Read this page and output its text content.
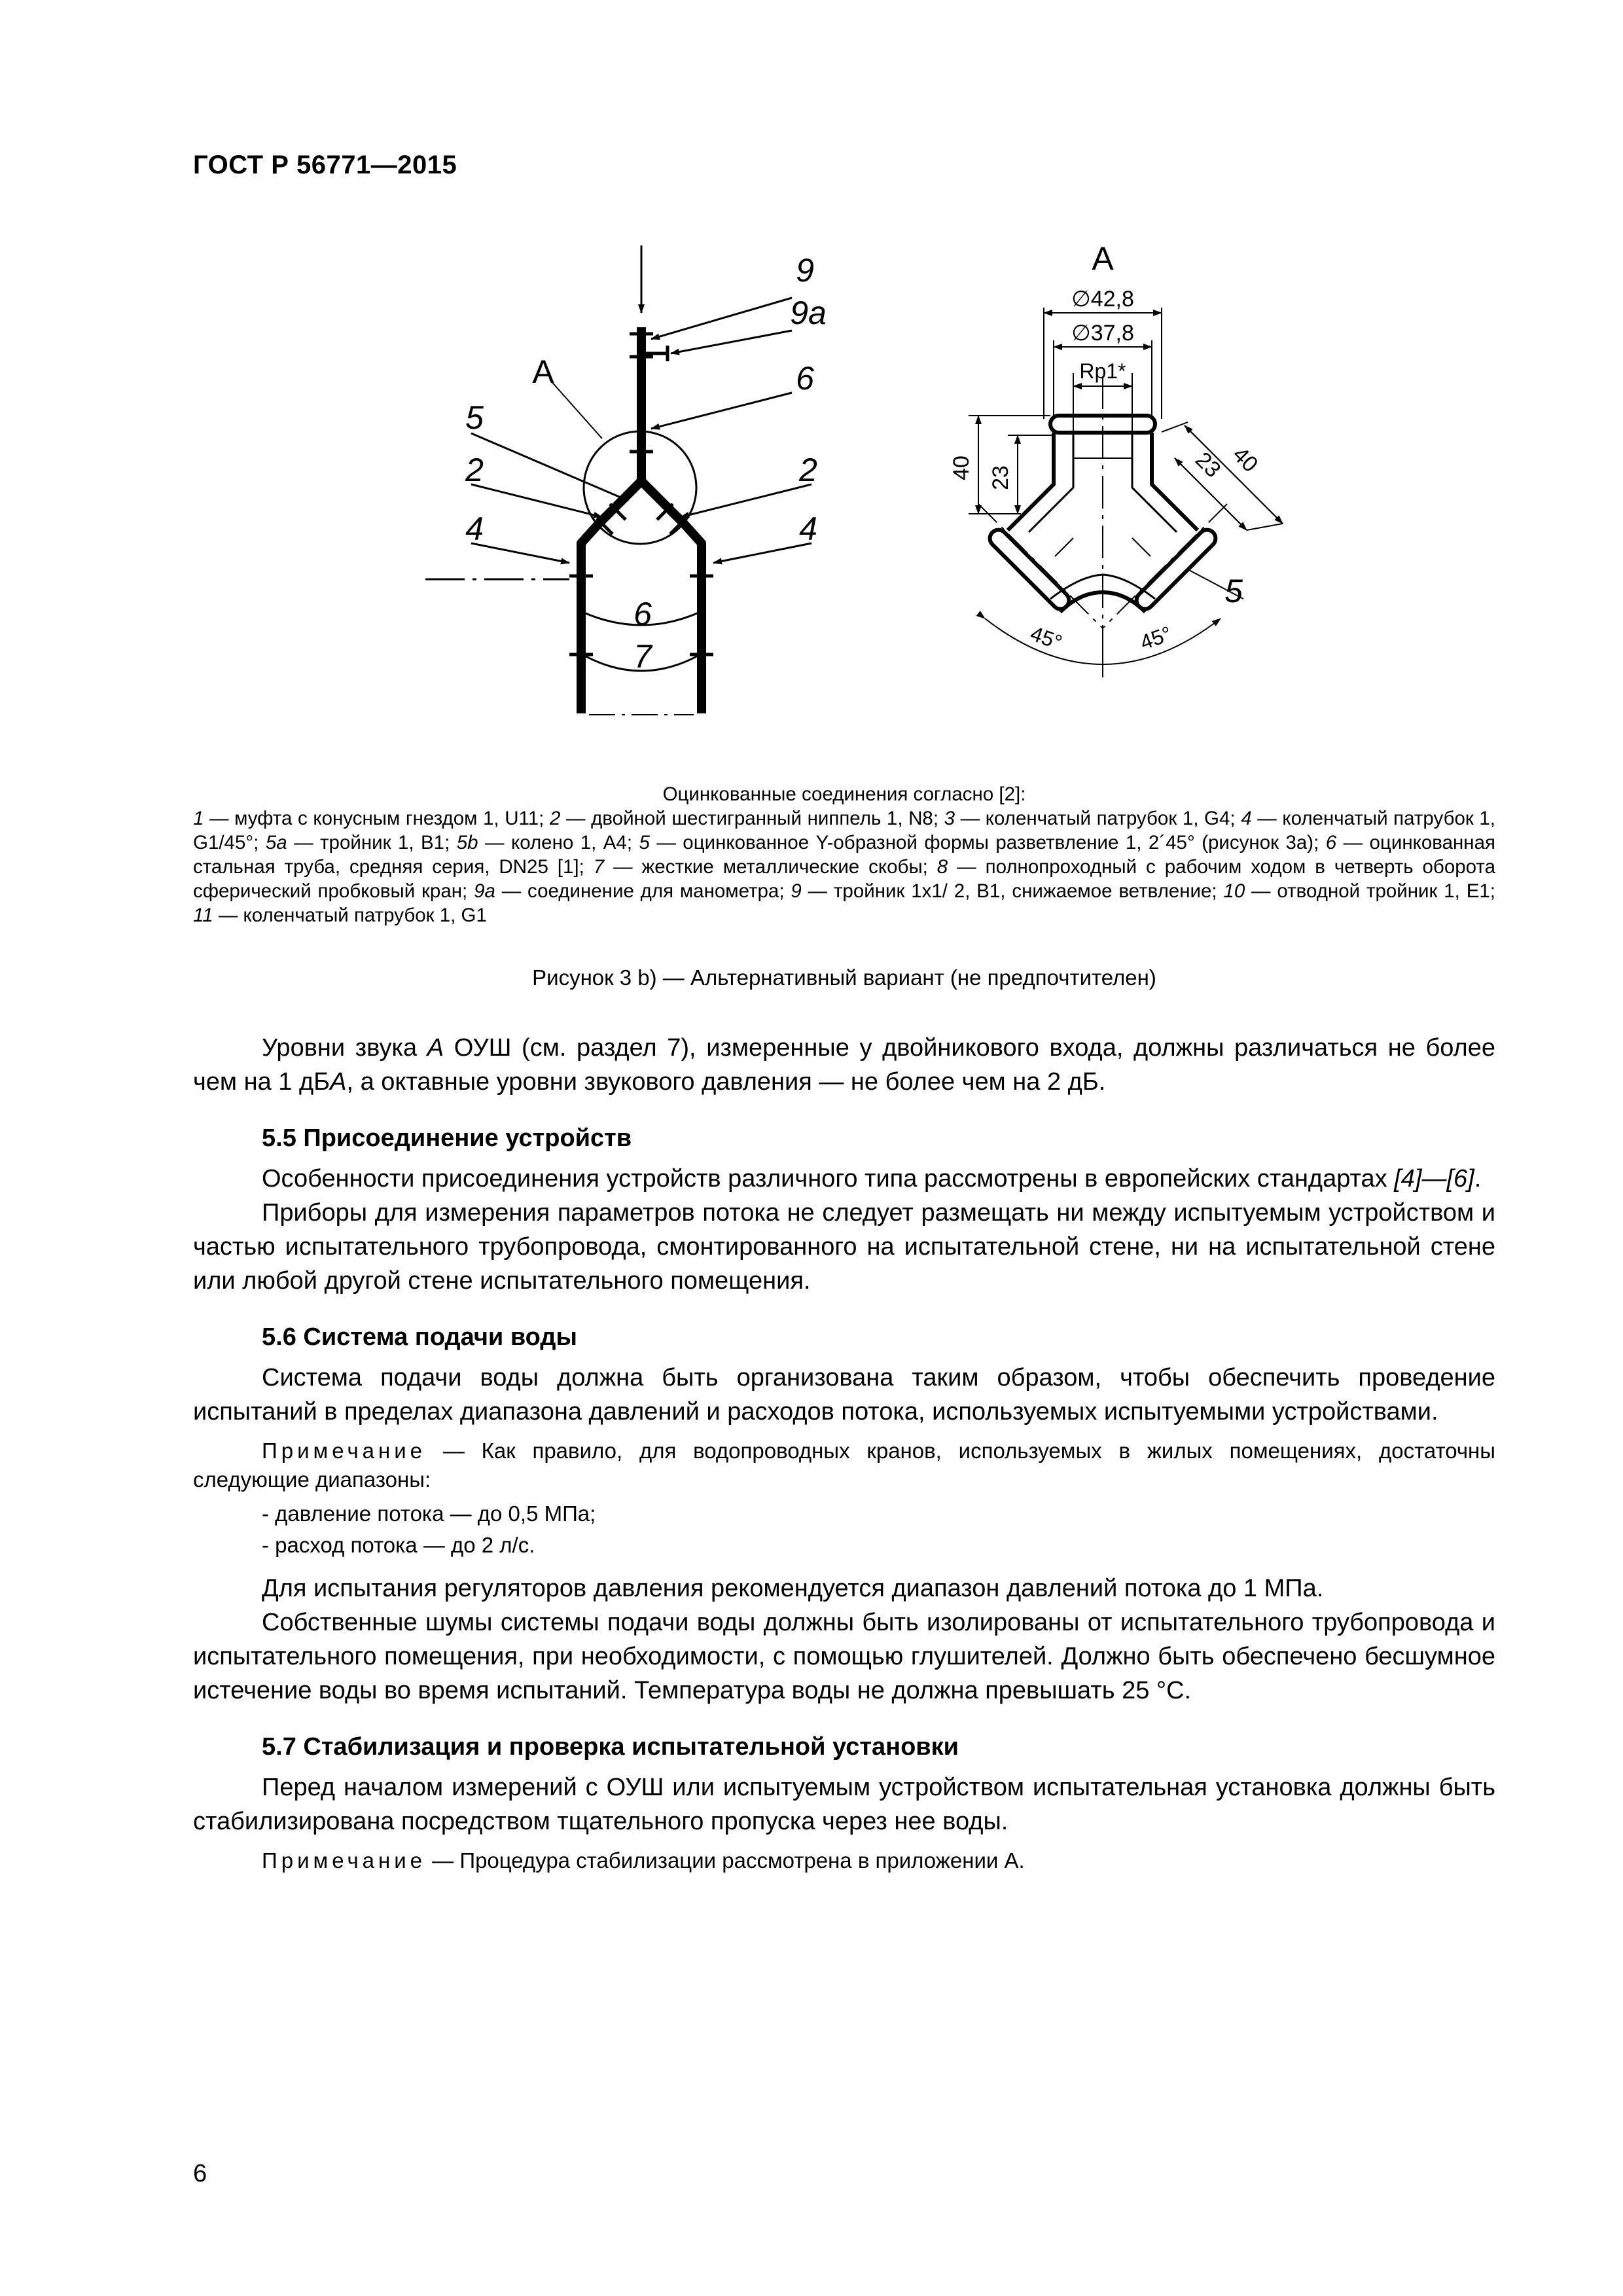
ГОСТ Р 56771—2015
9
9а
А	6
5
2	2
4	4
6
7
А
∅42,8
∅37,8
Rp1*
40 23	23 40
5
45°	45°
Оцинкованные соединения согласно [2]:
1 — муфта с конусным гнездом 1, U11; 2 — двойной шестигранный ниппель 1, N8; 3 — коленчатый патрубок 1, G4; 4 — коленчатый патрубок 1, G1/45°; 5a — тройник 1, B1; 5b — колено 1, A4; 5 — оцинкованное Y-образной формы разветвление 1, 2´45° (рисунок 3а); 6 — оцинкованная стальная труба, средняя серия, DN25 [1]; 7 — жесткие металлические скобы; 8 — полнопроходный с рабочим ходом в четверть оборота сферический пробковый кран; 9a — соединение для манометра; 9 — тройник 1x1/ 2, B1, снижаемое ветвление; 10 — отводной тройник 1, E1; 11 — коленчатый патрубок 1, G1
Рисунок 3 b) — Альтернативный вариант (не предпочтителен)

Уровни звука А ОУШ (см. раздел 7), измеренные у двойникового входа, должны различаться не более чем на 1 дБА, а октавные уровни звукового давления — не более чем на 2 дБ.

5.5 Присоединение устройств

Особенности присоединения устройств различного типа рассмотрены в европейских стандартах [4]—[6].

Приборы для измерения параметров потока не следует размещать ни между испытуемым устройством и частью испытательного трубопровода, смонтированного на испытательной стене, ни на испытательной стене или любой другой стене испытательного помещения.

5.6 Система подачи воды

Система подачи воды должна быть организована таким образом, чтобы обеспечить проведение испытаний в пределах диапазона давлений и расходов потока, используемых испытуемыми устройствами.

Примечание — Как правило, для водопроводных кранов, используемых в жилых помещениях, достаточны следующие диапазоны:

- давление потока — до 0,5 МПа;
- расход потока — до 2 л/с.

Для испытания регуляторов давления рекомендуется диапазон давлений потока до 1 МПа.

Собственные шумы системы подачи воды должны быть изолированы от испытательного трубопровода и испытательного помещения, при необходимости, с помощью глушителей. Должно быть обеспечено бесшумное истечение воды во время испытаний. Температура воды не должна превышать 25 °С.

5.7 Стабилизация и проверка испытательной установки

Перед началом измерений с ОУШ или испытуемым устройством испытательная установка должны быть стабилизирована посредством тщательного пропуска через нее воды.

Примечание — Процедура стабилизации рассмотрена в приложении А.

6
